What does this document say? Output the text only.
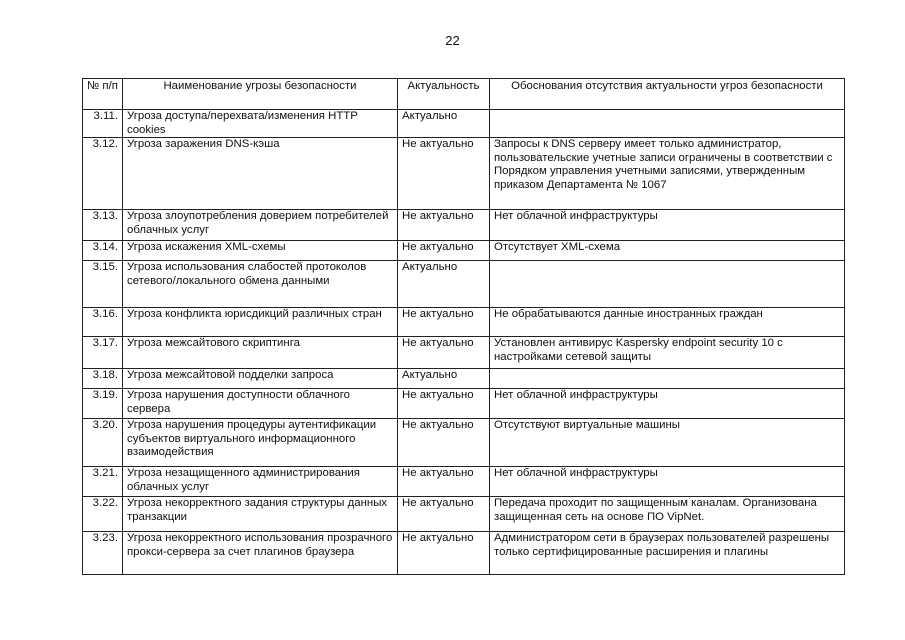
22
№ п/п	Наименование угрозы безопасности	Актуальность	Обоснования отсутствия актуальности угроз безопасности
3.11.	Угроза доступа/перехвата/изменения HTTP cookies	Актуально	
3.12.	Угроза заражения DNS-кэша	Не актуально	Запросы к DNS серверу имеет только администратор, пользовательские учетные записи ограничены в соответствии с Порядком управления учетными записями, утвержденным приказом Департамента № 1067
3.13.	Угроза злоупотребления доверием потребителей облачных услуг	Не актуально	Нет облачной инфраструктуры
3.14.	Угроза искажения XML-схемы	Не актуально	Отсутствует XML-схема
3.15.	Угроза использования слабостей протоколов сетевого/локального обмена данными	Актуально	
3.16.	Угроза конфликта юрисдикций различных стран	Не актуально	Не обрабатываются данные иностранных граждан
3.17.	Угроза межсайтового скриптинга	Не актуально	Установлен антивирус Kaspersky endpoint security 10 с настройками сетевой защиты
3.18.	Угроза межсайтовой подделки запроса	Актуально	
3.19.	Угроза нарушения доступности облачного сервера	Не актуально	Нет облачной инфраструктуры
3.20.	Угроза нарушения процедуры аутентификации субъектов виртуального информационного взаимодействия	Не актуально	Отсутствуют виртуальные машины
3.21.	Угроза незащищенного администрирования облачных услуг	Не актуально	Нет облачной инфраструктуры
3.22.	Угроза некорректного задания структуры данных транзакции	Не актуально	Передача проходит по защищенным каналам. Организована защищенная сеть на основе ПО VipNet.
3.23.	Угроза некорректного использования прозрачного прокси-сервера за счет плагинов браузера	Не актуально	Администратором сети в браузерах пользователей разрешены только сертифицированные расширения и плагины
